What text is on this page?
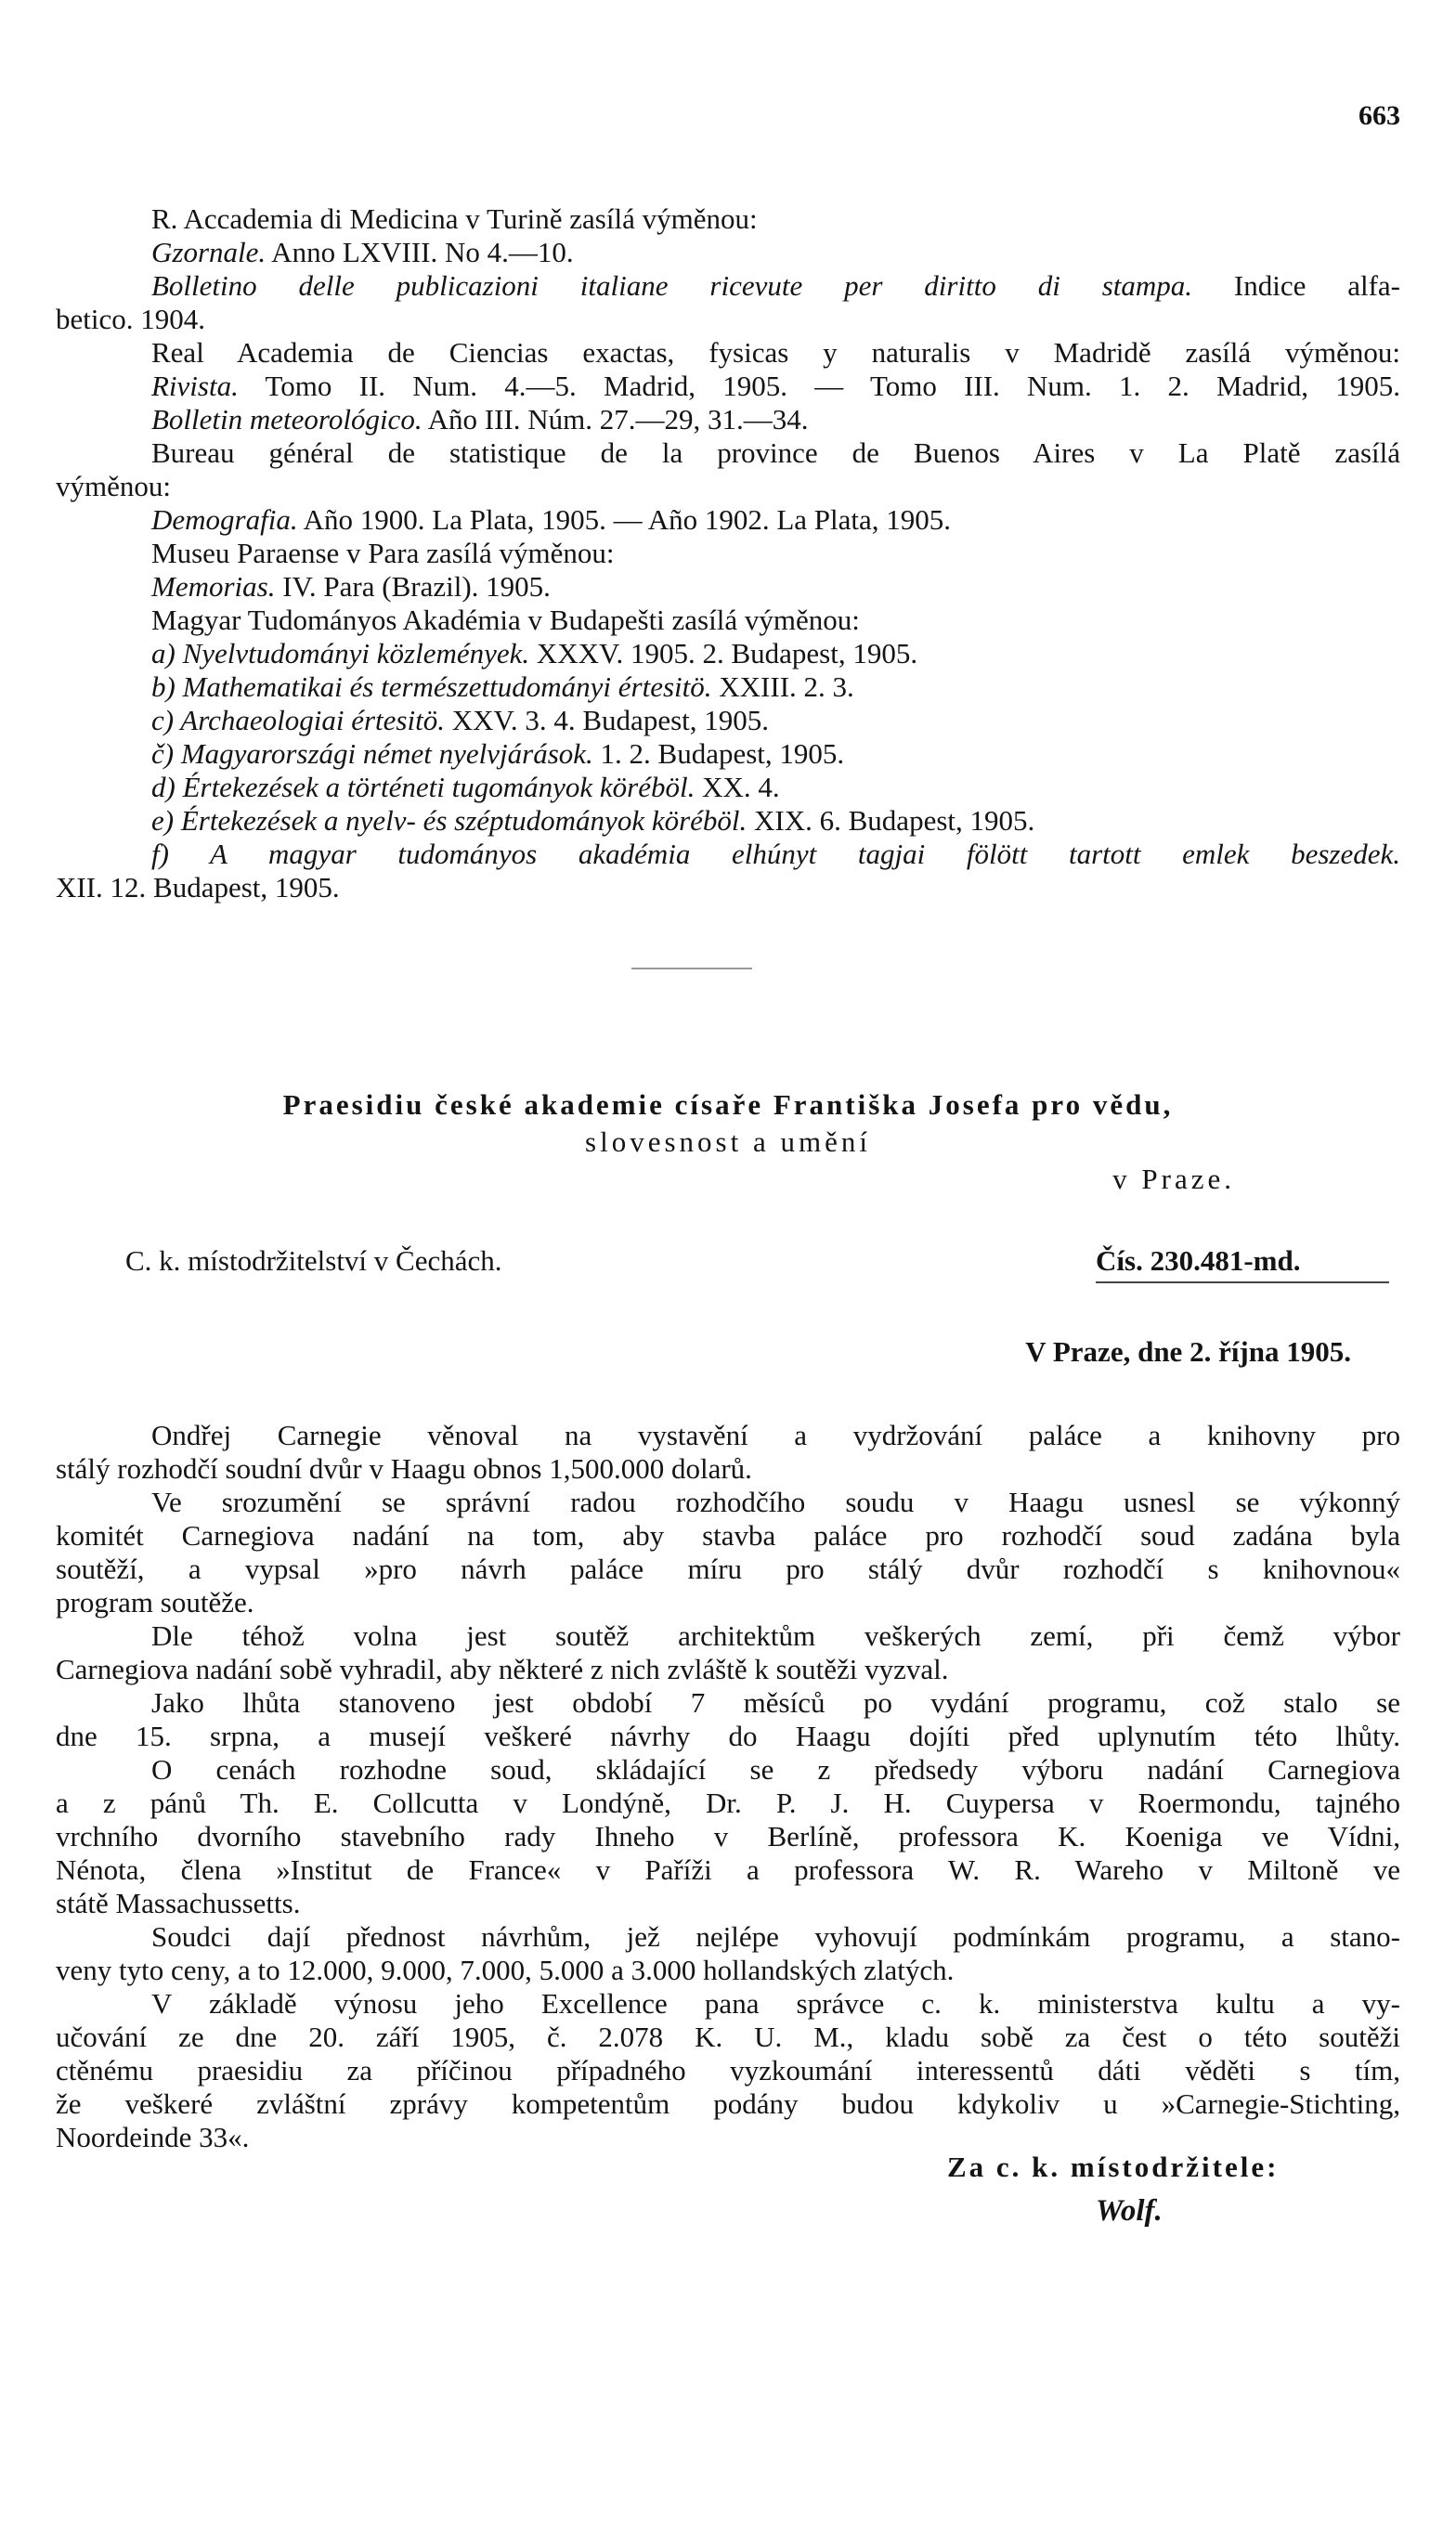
663
R. Accademia di Medicina v Turině zasílá výměnou:
Gzornale. Anno LXVIII. No 4.—10.
Bolletino delle publicazioni italiane ricevute per diritto di stampa. Indice alfa-
betico. 1904.
Real Academia de Ciencias exactas, fysicas y naturalis v Madridě zasílá výměnou:
Rivista. Tomo II. Num. 4.—5. Madrid, 1905. — Tomo III. Num. 1. 2. Madrid, 1905.
Bolletin meteorológico. Año III. Núm. 27.—29, 31.—34.
Bureau général de statistique de la province de Buenos Aires v La Platě zasílá
výměnou:
Demografia. Año 1900. La Plata, 1905. — Año 1902. La Plata, 1905.
Museu Paraense v Para zasílá výměnou:
Memorias. IV. Para (Brazil). 1905.
Magyar Tudományos Akadémia v Budapešti zasílá výměnou:
a) Nyelvtudományi közlemények. XXXV. 1905. 2. Budapest, 1905.
b) Mathematikai és természettudományi értesitö. XXIII. 2. 3.
c) Archaeologiai értesitö. XXV. 3. 4. Budapest, 1905.
č) Magyarországi német nyelvjárások. 1. 2. Budapest, 1905.
d) Értekezések a történeti tugományok köréböl. XX. 4.
e) Értekezések a nyelv- és széptudományok köréböl. XIX. 6. Budapest, 1905.
f) A magyar tudományos akadémia elhúnyt tagjai fölött tartott emlek beszedek.
XII. 12. Budapest, 1905.
Praesidiu české akademie císaře Františka Josefa pro vědu,
slovesnost a umění
v Praze.
C. k. místodržitelství v Čechách.	Čís. 230.481-md.
V Praze, dne 2. října 1905.
Ondřej Carnegie věnoval na vystavění a vydržování paláce a knihovny pro
stálý rozhodčí soudní dvůr v Haagu obnos 1,500.000 dolarů.
Ve srozumění se správní radou rozhodčího soudu v Haagu usnesl se výkonný
komitét Carnegiova nadání na tom, aby stavba paláce pro rozhodčí soud zadána byla
soutěží, a vypsal »pro návrh paláce míru pro stálý dvůr rozhodčí s knihovnou«
program soutěže.
Dle téhož volna jest soutěž architektům veškerých zemí, při čemž výbor
Carnegiova nadání sobě vyhradil, aby některé z nich zvláště k soutěži vyzval.
Jako lhůta stanoveno jest období 7 měsíců po vydání programu, což stalo se
dne 15. srpna, a musejí veškeré návrhy do Haagu dojíti před uplynutím této lhůty.
O cenách rozhodne soud, skládající se z předsedy výboru nadání Carnegiova
a z pánů Th. E. Collcutta v Londýně, Dr. P. J. H. Cuypersa v Roermondu, tajného
vrchního dvorního stavebního rady Ihneho v Berlíně, professora K. Koeniga ve Vídni,
Nénota, člena »Institut de France« v Paříži a professora W. R. Wareho v Miltoně ve
státě Massachussetts.
Soudci dají přednost návrhům, jež nejlépe vyhovují podmínkám programu, a stano-
veny tyto ceny, a to 12.000, 9.000, 7.000, 5.000 a 3.000 hollandských zlatých.
V základě výnosu jeho Excellence pana správce c. k. ministerstva kultu a vy-
učování ze dne 20. září 1905, č. 2.078 K. U. M., kladu sobě za čest o této soutěži
ctěnému praesidiu za příčinou případného vyzkoumání interessentů dáti věděti s tím,
že veškeré zvláštní zprávy kompetentům podány budou kdykoliv u »Carnegie-Stichting,
Noordeinde 33«.
Za c. k. místodržitele:
Wolf.
